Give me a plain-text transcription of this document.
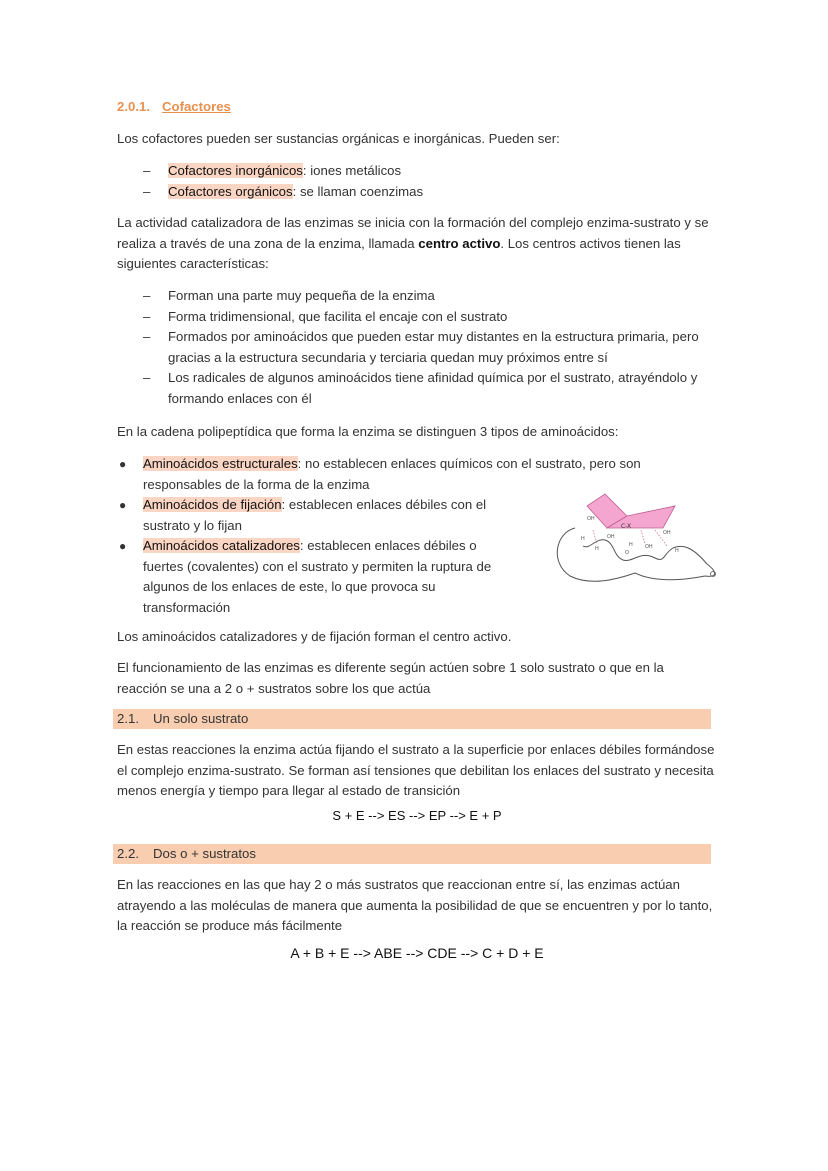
2.0.1. Cofactores
Los cofactores pueden ser sustancias orgánicas e inorgánicas. Pueden ser:
– Cofactores inorgánicos: iones metálicos
– Cofactores orgánicos: se llaman coenzimas
La actividad catalizadora de las enzimas se inicia con la formación del complejo enzima-sustrato y se realiza a través de una zona de la enzima, llamada centro activo. Los centros activos tienen las siguientes características:
– Forman una parte muy pequeña de la enzima
– Forma tridimensional, que facilita el encaje con el sustrato
– Formados por aminoácidos que pueden estar muy distantes en la estructura primaria, pero gracias a la estructura secundaria y terciaria quedan muy próximos entre sí
– Los radicales de algunos aminoácidos tiene afinidad química por el sustrato, atrayéndolo y formando enlaces con él
En la cadena polipeptídica que forma la enzima se distinguen 3 tipos de aminoácidos:
● Aminoácidos estructurales: no establecen enlaces químicos con el sustrato, pero son responsables de la forma de la enzima
● Aminoácidos de fijación: establecen enlaces débiles con el sustrato y lo fijan
● Aminoácidos catalizadores: establecen enlaces débiles o fuertes (covalentes) con el sustrato y permiten la ruptura de algunos de los enlaces de este, lo que provoca su transformación
C-X
OH
OH
H
H
H
H
O
OH
OH
Los aminoácidos catalizadores y de fijación forman el centro activo.
El funcionamiento de las enzimas es diferente según actúen sobre 1 solo sustrato o que en la reacción se una a 2 o + sustratos sobre los que actúa
2.1. Un solo sustrato
En estas reacciones la enzima actúa fijando el sustrato a la superficie por enlaces débiles formándose el complejo enzima-sustrato. Se forman así tensiones que debilitan los enlaces del sustrato y necesita menos energía y tiempo para llegar al estado de transición
S + E --> ES --> EP --> E + P
2.2. Dos o + sustratos
En las reacciones en las que hay 2 o más sustratos que reaccionan entre sí, las enzimas actúan atrayendo a las moléculas de manera que aumenta la posibilidad de que se encuentren y por lo tanto, la reacción se produce más fácilmente
A + B + E --> ABE --> CDE --> C + D + E
